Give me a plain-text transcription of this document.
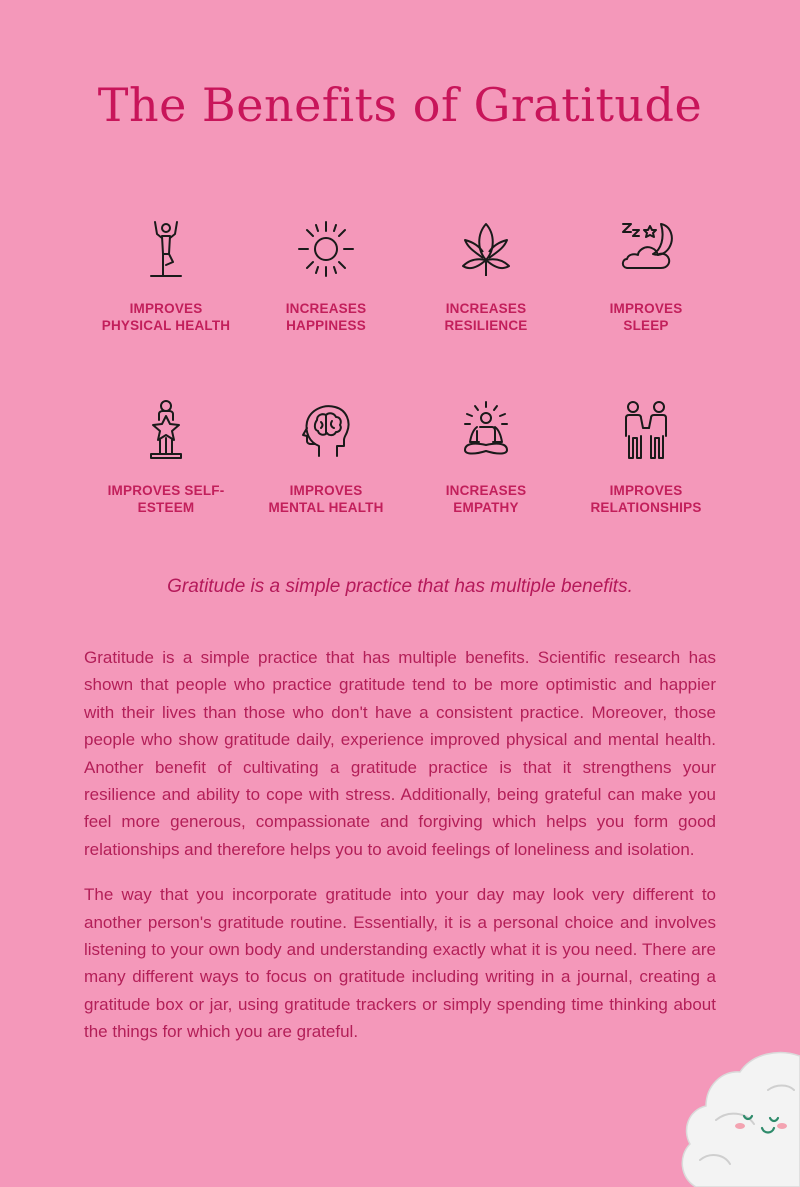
The Benefits of Gratitude
IMPROVES
PHYSICAL HEALTH
INCREASES
HAPPINESS
INCREASES
RESILIENCE
IMPROVES
SLEEP
IMPROVES SELF-
ESTEEM
IMPROVES
MENTAL HEALTH
INCREASES
EMPATHY
IMPROVES
RELATIONSHIPS
Gratitude is a simple practice that has multiple benefits.

Gratitude is a simple practice that has multiple benefits. Scientific research has shown that people who practice gratitude tend to be more optimistic and happier with their lives than those who don't have a consistent practice. Moreover, those people who show gratitude daily, experience improved physical and mental health. Another benefit of cultivating a gratitude practice is that it strengthens your resilience and ability to cope with stress. Additionally, being grateful can make you feel more generous, compassionate and forgiving which helps you form good relationships and therefore helps you to avoid feelings of loneliness and isolation.

The way that you incorporate gratitude into your day may look very different to another person's gratitude routine. Essentially, it is a personal choice and involves listening to your own body and understanding exactly what it is you need. There are many different ways to focus on gratitude including writing in a journal, creating a gratitude box or jar, using gratitude trackers or simply spending time thinking about the things for which you are grateful.
